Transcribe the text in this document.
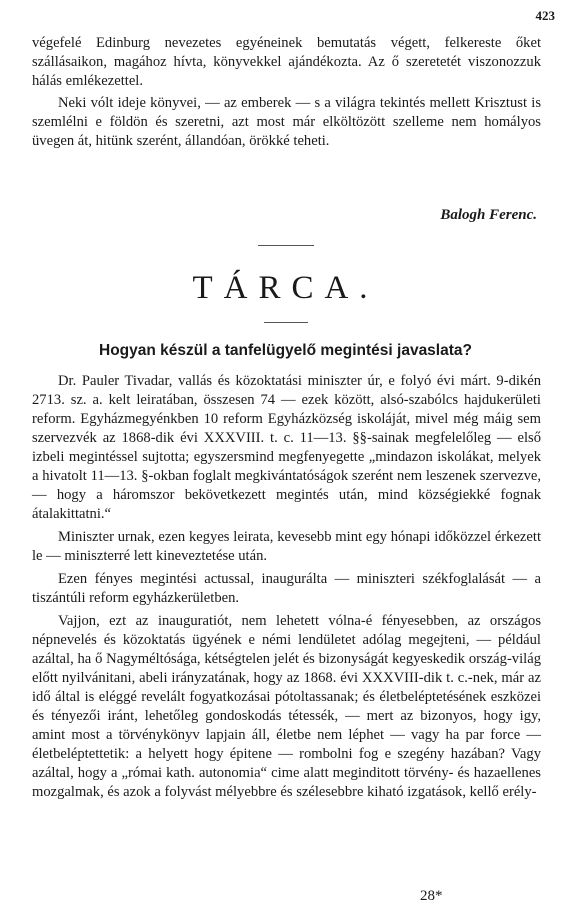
423

végefelé Edinburg nevezetes egyéneinek bemutatás végett, felkereste őket szállásaikon, magához hívta, könyvekkel ajándékozta. Az ő szeretetét viszonozzuk hálás emlékezettel.

Neki vólt ideje könyvei, — az emberek — s a világra tekintés mellett Krisztust is szemlélni e földön és szeretni, azt most már elköltözött szelleme nem homályos üvegen át, hitünk szerént, állandóan, örökké teheti.

Balogh Ferenc.
TÁRCA.
Hogyan készül a tanfelügyelő megintési javaslata?

Dr. Pauler Tivadar, vallás és közoktatási miniszter úr, e folyó évi márt. 9-dikén 2713. sz. a. kelt leiratában, összesen 74 — ezek között, alsó-szabólcs hajdukerületi reform. Egyházmegyénkben 10 reform Egyházközség iskoláját, mivel még máig sem szervezvék az 1868-dik évi XXXVIII. t. c. 11—13. §§-sainak megfelelőleg — első izbeli megintéssel sujtotta; egyszersmind megfenyegette „mindazon iskolákat, melyek a hivatolt 11—13. §-okban foglalt megkivántatóságok szerént nem leszenek szervezve, — hogy a háromszor bekövetkezett megintés után, mind községiekké fognak átalakittatni.“

Miniszter urnak, ezen kegyes leirata, kevesebb mint egy hónapi időközzel érkezett le — miniszterré lett kineveztetése után.

Ezen fényes megintési actussal, inaugurálta — miniszteri székfoglalását — a tiszántúli reform egyházkerületben.

Vajjon, ezt az inauguratiót, nem lehetett vólna-é fényesebben, az országos népnevelés és közoktatás ügyének e némi lendületet adólag megejteni, — például azáltal, ha ő Nagyméltósága, kétségtelen jelét és bizonyságát kegyeskedik ország-világ előtt nyilvánitani, abeli irányzatának, hogy az 1868. évi XXXVIII-dik t. c.-nek, már az idő által is eléggé revelált fogyatkozásai pótoltassanak; és életbeléptetésének eszközei és tényezői iránt, lehetőleg gondoskodás tétessék, — mert az bizonyos, hogy igy, amint most a törvénykönyv lapjain áll, életbe nem léphet — vagy ha par force — életbeléptettetik: a helyett hogy épitene — rombolni fog e szegény hazában? Vagy azáltal, hogy a „római kath. autonomia“ cime alatt meginditott törvény- és hazaellenes mozgalmak, és azok a folyvást mélyebbre és szélesebbre kiható izgatások, kellő erély-

28*
